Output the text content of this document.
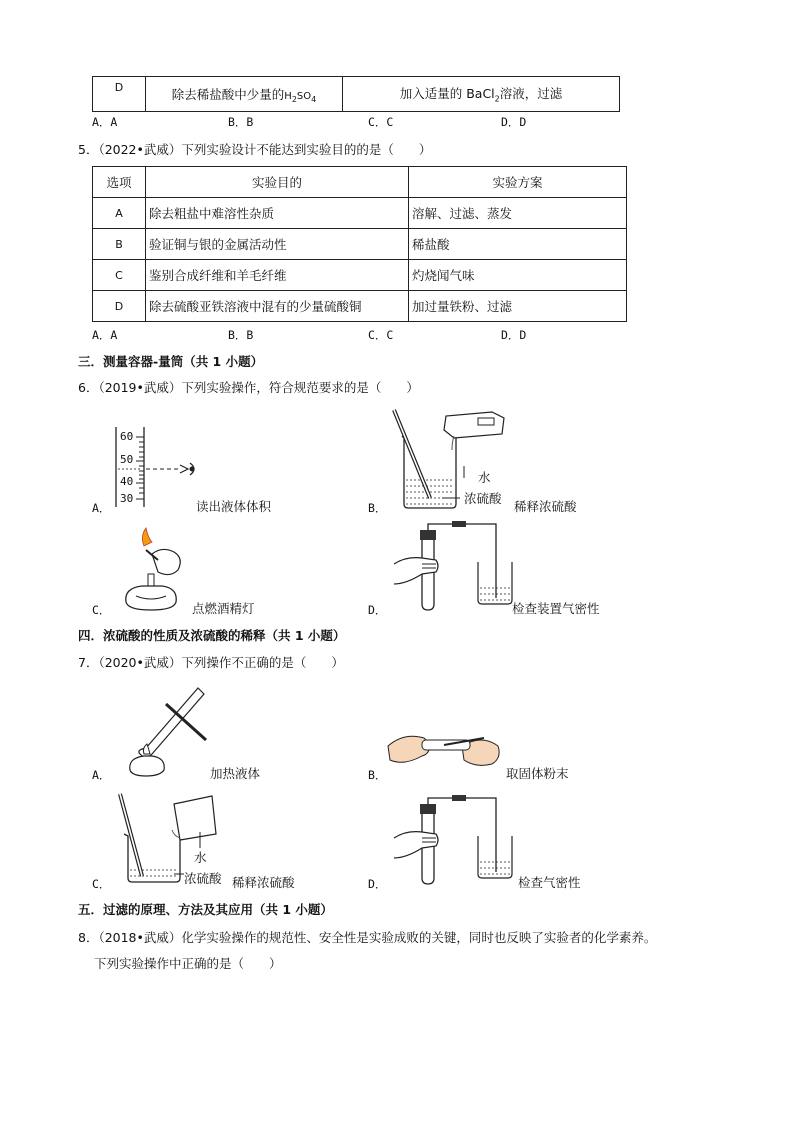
D	除去稀盐酸中少量的$H_2SO_4$	加入适量的 BaCl$_2$溶液，过滤
A．A	B．B	C．C	D．D
5．（2022•武威）下列实验设计不能达到实验目的的是（　　）
选项	实验目的	实验方案
A	除去粗盐中难溶性杂质	溶解、过滤、蒸发
B	验证铜与银的金属活动性	稀盐酸
C	鉴别合成纤维和羊毛纤维	灼烧闻气味
D	除去硫酸亚铁溶液中混有的少量硫酸铜	加过量铁粉、过滤
A．A	B．B	C．C	D．D
三．测量容器-量筒（共 1 小题）
6．（2019•武威）下列实验操作，符合规范要求的是（　　）
60
50
40
30
A．	读出液体体积
水
浓硫酸
B．	稀释浓硫酸
C．	点燃酒精灯	D．	检查装置气密性
四．浓硫酸的性质及浓硫酸的稀释（共 1 小题）
7．（2020•武威）下列操作不正确的是（　　）
A．	加热液体	B．	取固体粉末
水
浓硫酸
C．	稀释浓硫酸	D．	检查气密性
五．过滤的原理、方法及其应用（共 1 小题）
8．（2018•武威）化学实验操作的规范性、安全性是实验成败的关键，同时也反映了实验者的化学素养。
下列实验操作中正确的是（　　）
